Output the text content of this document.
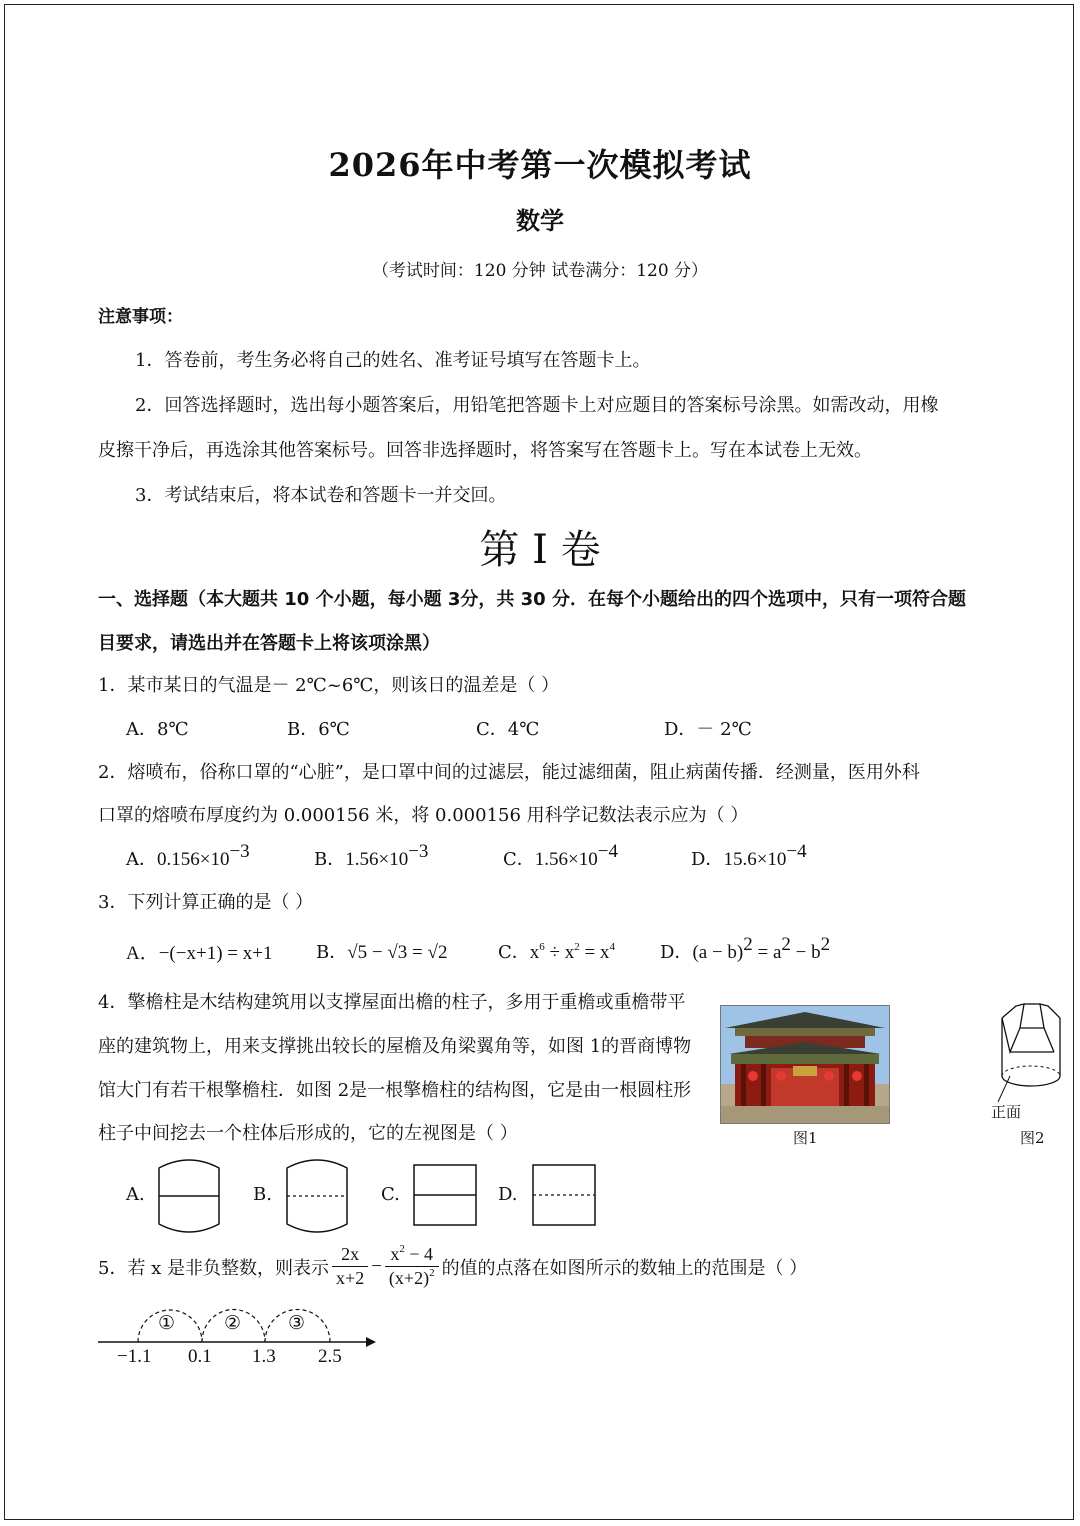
2026年中考第一次模拟考试
数学
（考试时间：120 分钟 试卷满分：120 分）
注意事项：
1．答卷前，考生务必将自己的姓名、准考证号填写在答题卡上。
2．回答选择题时，选出每小题答案后，用铅笔把答题卡上对应题目的答案标号涂黑。如需改动，用橡
皮擦干净后，再选涂其他答案标号。回答非选择题时，将答案写在答题卡上。写在本试卷上无效。
3．考试结束后，将本试卷和答题卡一并交回。
第 I 卷
一、选择题（本大题共 10 个小题，每小题 3分，共 30 分．在每个小题给出的四个选项中，只有一项符合题
目要求，请选出并在答题卡上将该项涂黑）
1．某市某日的气温是－ 2℃~6℃，则该日的温差是（ ）
A．8℃	B．6℃	C．4℃	D．－ 2℃
2．熔喷布，俗称口罩的“心脏”，是口罩中间的过滤层，能过滤细菌，阻止病菌传播．经测量，医用外科
口罩的熔喷布厚度约为 0.000156 米，将 0.000156 用科学记数法表示应为（ ）
A．$0.156\times 10^{-3}$	B．$1.56\times 10^{-3}$	C．$1.56\times 10^{-4}$	D．$15.6\times 10^{-4}$
3．下列计算正确的是（ ）
A．−(−x+1) = x+1 B．√5 − √3 = √2	C．$x^6 \div x^2 = x^4$	D．$(a - b)^2 = a^2 - b^2$
4．擎檐柱是木结构建筑用以支撑屋面出檐的柱子，多用于重檐或重檐带平
座的建筑物上，用来支撑挑出较长的屋檐及角梁翼角等，如图 1的晋商博物
馆大门有若干根擎檐柱．如图 2是一根擎檐柱的结构图，它是由一根圆柱形
柱子中间挖去一个柱体后形成的，它的左视图是（ ）	图1
正面
图2
A.	B.	C.	D.
5．若 x 是非负整数，则表示 $\frac{2x}{x+2} - \frac{x^2 - 4}{(x+2)^2}$ 的值的点落在如图所示的数轴上的范围是（ ）
①	② ③
−1.1 0.1 1.3 2.5
